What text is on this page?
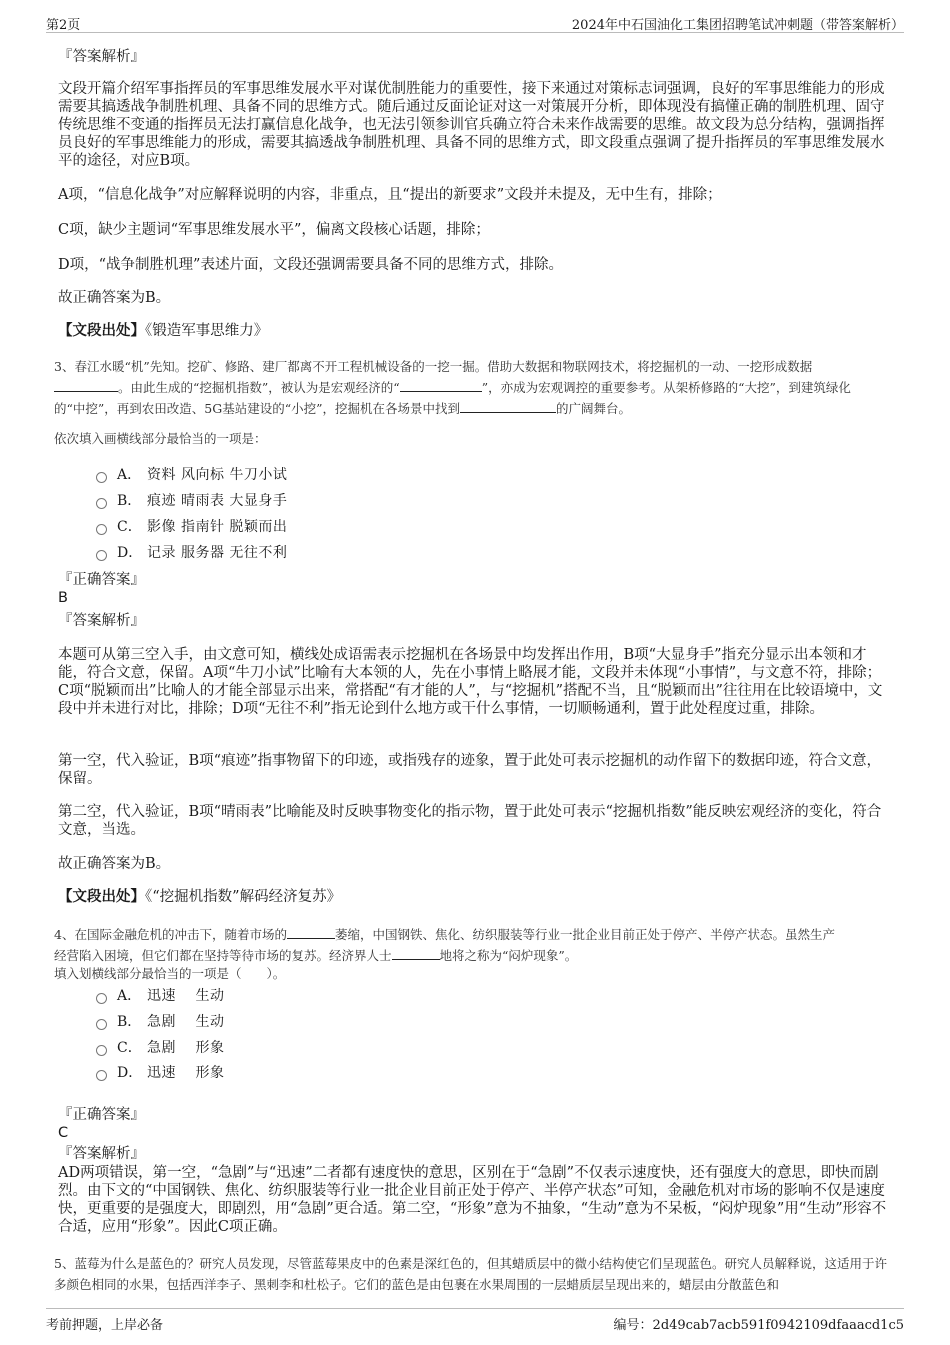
第2页	2024年中石国油化工集团招聘笔试冲刺题（带答案解析）
『答案解析』

文段开篇介绍军事指挥员的军事思维发展水平对谋优制胜能力的重要性，接下来通过对策标志词强调，良好的军事思维能力的形成需要其搞透战争制胜机理、具备不同的思维方式。随后通过反面论证对这一对策展开分析，即体现没有搞懂正确的制胜机理、固守传统思维不变通的指挥员无法打赢信息化战争，也无法引领参训官兵确立符合未来作战需要的思维。故文段为总分结构，强调指挥员良好的军事思维能力的形成，需要其搞透战争制胜机理、具备不同的思维方式，即文段重点强调了提升指挥员的军事思维发展水平的途径，对应B项。

A项，“信息化战争”对应解释说明的内容，非重点，且“提出的新要求”文段并未提及，无中生有，排除；

C项，缺少主题词“军事思维发展水平”，偏离文段核心话题，排除；

D项，“战争制胜机理”表述片面，文段还强调需要具备不同的思维方式，排除。

故正确答案为B。

【文段出处】《锻造军事思维力》

3、春江水暖“机”先知。挖矿、修路、建厂都离不开工程机械设备的一挖一掘。借助大数据和物联网技术，将挖掘机的一动、一挖形成数据
。由此生成的“挖掘机指数”，被认为是宏观经济的“	”，亦成为宏观调控的重要参考。从架桥修路的“大挖”，到建筑绿化
的“中挖”，再到农田改造、5G基站建设的“小挖”，挖掘机在各场景中找到	的广阔舞台。

依次填入画横线部分最恰当的一项是：

A． 资料 风向标 牛刀小试
B． 痕迹 晴雨表 大显身手
C． 影像 指南针 脱颖而出
D． 记录 服务器 无往不利
『正确答案』
B
『答案解析』

本题可从第三空入手，由文意可知，横线处成语需表示挖掘机在各场景中均发挥出作用，B项“大显身手”指充分显示出本领和才能，符合文意，保留。A项“牛刀小试”比喻有大本领的人，先在小事情上略展才能，文段并未体现“小事情”，与文意不符，排除；C项“脱颖而出”比喻人的才能全部显示出来，常搭配“有才能的人”，与“挖掘机”搭配不当，且“脱颖而出”往往用在比较语境中，文段中并未进行对比，排除；D项“无往不利”指无论到什么地方或干什么事情，一切顺畅通利，置于此处程度过重，排除。

第一空，代入验证，B项“痕迹”指事物留下的印迹，或指残存的迹象，置于此处可表示挖掘机的动作留下的数据印迹，符合文意，保留。

第二空，代入验证，B项“晴雨表”比喻能及时反映事物变化的指示物，置于此处可表示“挖掘机指数”能反映宏观经济的变化，符合文意，当选。

故正确答案为B。

【文段出处】《“挖掘机指数”解码经济复苏》

4、在国际金融危机的冲击下，随着市场的	萎缩，中国钢铁、焦化、纺织服装等行业一批企业目前正处于停产、半停产状态。虽然生产
经营陷入困境，但它们都在坚持等待市场的复苏。经济界人士	地将之称为“闷炉现象”。

填入划横线部分最恰当的一项是（　　）。

A． 迅速　 生动
B． 急剧　 生动
C． 急剧　 形象
D． 迅速　 形象
『正确答案』
C
『答案解析』

AD两项错误，第一空，“急剧”与“迅速”二者都有速度快的意思，区别在于“急剧”不仅表示速度快，还有强度大的意思，即快而剧烈。由下文的“中国钢铁、焦化、纺织服装等行业一批企业目前正处于停产、半停产状态”可知，金融危机对市场的影响不仅是速度快，更重要的是强度大，即剧烈，用“急剧”更合适。第二空，“形象”意为不抽象，“生动”意为不呆板，“闷炉现象”用“生动”形容不合适，应用“形象”。因此C项正确。

5、蓝莓为什么是蓝色的？研究人员发现，尽管蓝莓果皮中的色素是深红色的，但其蜡质层中的微小结构使它们呈现蓝色。研究人员解释说，这适用于许多颜色相同的水果，包括西洋李子、黑刺李和杜松子。它们的蓝色是由包裹在水果周围的一层蜡质层呈现出来的，蜡层由分散蓝色和

考前押题，上岸必备	编号：2d49cab7acb591f0942109dfaaacd1c5
